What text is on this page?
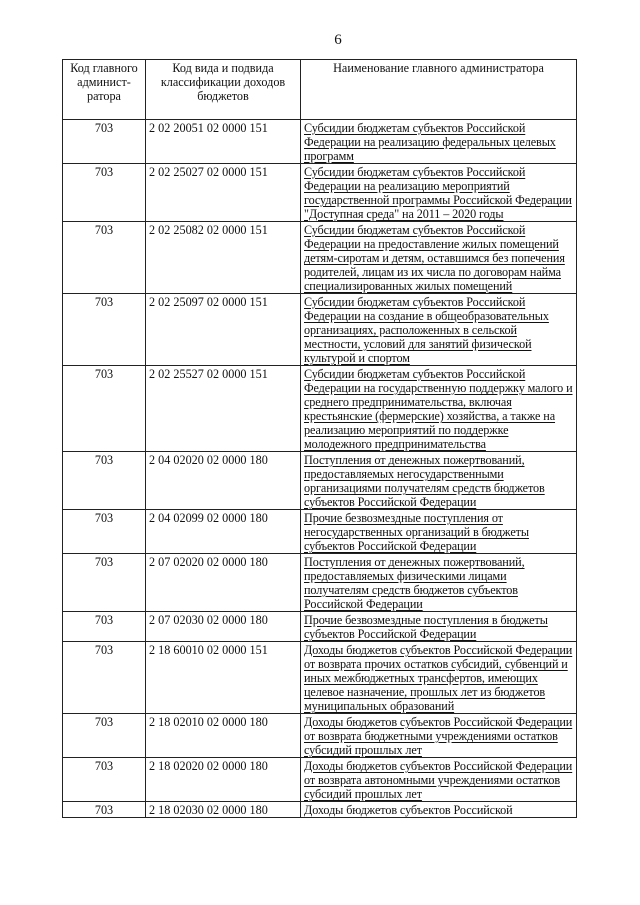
6
Код главного админист-ратора	Код вида и подвида классификации доходов бюджетов	Наименование главного администратора
703	2 02 20051 02 0000 151	Субсидии бюджетам субъектов Российской Федерации на реализацию федеральных целевых программ
703	2 02 25027 02 0000 151	Субсидии бюджетам субъектов Российской Федерации на реализацию мероприятий государственной программы Российской Федерации "Доступная среда" на 2011 – 2020 годы
703	2 02 25082 02 0000 151	Субсидии бюджетам субъектов Российской Федерации на предоставление жилых помещений детям-сиротам и детям, оставшимся без попечения родителей, лицам из их числа по договорам найма специализированных жилых помещений
703	2 02 25097 02 0000 151	Субсидии бюджетам субъектов Российской Федерации на создание в общеобразовательных организациях, расположенных в сельской местности, условий для занятий физической культурой и спортом
703	2 02 25527 02 0000 151	Субсидии бюджетам субъектов Российской Федерации на государственную поддержку малого и среднего предпринимательства, включая крестьянские (фермерские) хозяйства, а также на реализацию мероприятий по поддержке молодежного предпринимательства
703	2 04 02020 02 0000 180	Поступления от денежных пожертвований, предоставляемых негосударственными организациями получателям средств бюджетов субъектов Российской Федерации
703	2 04 02099 02 0000 180	Прочие безвозмездные поступления от негосударственных организаций в бюджеты субъектов Российской Федерации
703	2 07 02020 02 0000 180	Поступления от денежных пожертвований, предоставляемых физическими лицами получателям средств бюджетов субъектов Российской Федерации
703	2 07 02030 02 0000 180	Прочие безвозмездные поступления в бюджеты субъектов Российской Федерации
703	2 18 60010 02 0000 151	Доходы бюджетов субъектов Российской Федерации от возврата прочих остатков субсидий, субвенций и иных межбюджетных трансфертов, имеющих целевое назначение, прошлых лет из бюджетов муниципальных образований
703	2 18 02010 02 0000 180	Доходы бюджетов субъектов Российской Федерации от возврата бюджетными учреждениями остатков субсидий прошлых лет
703	2 18 02020 02 0000 180	Доходы бюджетов субъектов Российской Федерации от возврата автономными учреждениями остатков субсидий прошлых лет
703	2 18 02030 02 0000 180	Доходы бюджетов субъектов Российской
